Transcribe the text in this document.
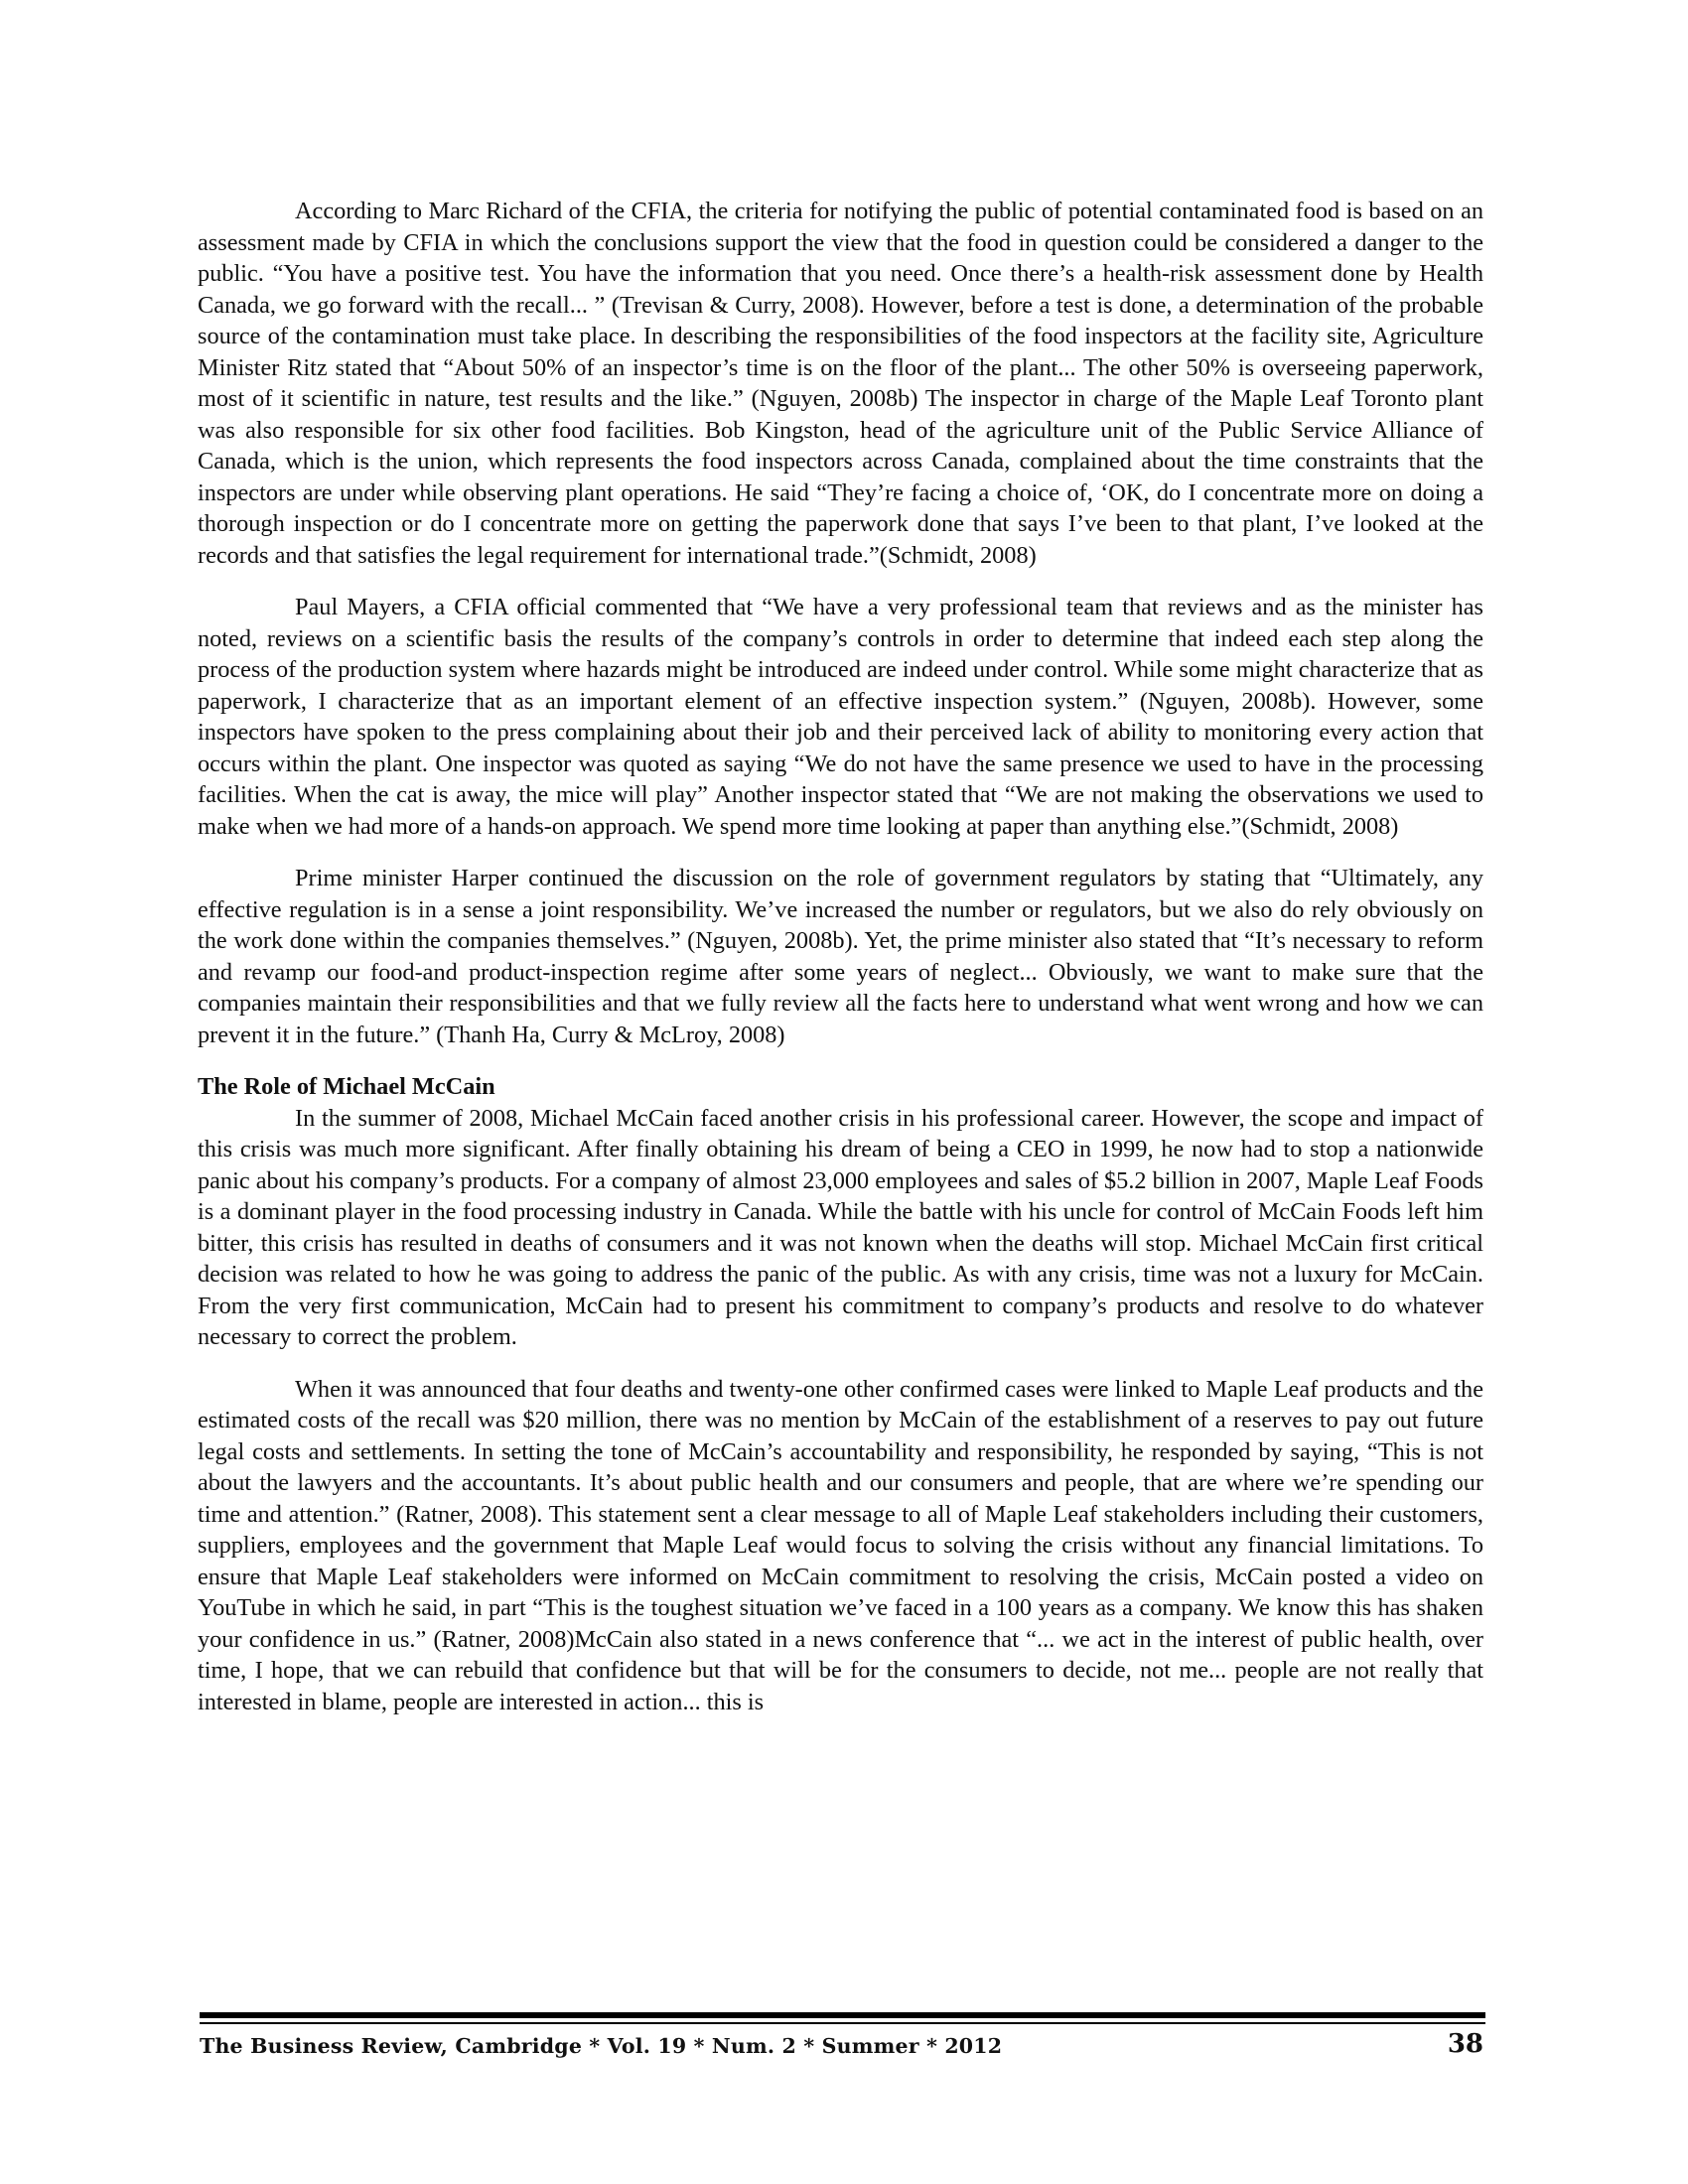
According to Marc Richard of the CFIA, the criteria for notifying the public of potential contaminated food is based on an assessment made by CFIA in which the conclusions support the view that the food in question could be considered a danger to the public. “You have a positive test. You have the information that you need. Once there’s a health-risk assessment done by Health Canada, we go forward with the recall... ” (Trevisan & Curry, 2008). However, before a test is done, a determination of the probable source of the contamination must take place. In describing the responsibilities of the food inspectors at the facility site, Agriculture Minister Ritz stated that “About 50% of an inspector’s time is on the floor of the plant... The other 50% is overseeing paperwork, most of it scientific in nature, test results and the like.” (Nguyen, 2008b) The inspector in charge of the Maple Leaf Toronto plant was also responsible for six other food facilities. Bob Kingston, head of the agriculture unit of the Public Service Alliance of Canada, which is the union, which represents the food inspectors across Canada, complained about the time constraints that the inspectors are under while observing plant operations. He said “They’re facing a choice of, ‘OK, do I concentrate more on doing a thorough inspection or do I concentrate more on getting the paperwork done that says I’ve been to that plant, I’ve looked at the records and that satisfies the legal requirement for international trade.”(Schmidt, 2008)

Paul Mayers, a CFIA official commented that “We have a very professional team that reviews and as the minister has noted, reviews on a scientific basis the results of the company’s controls in order to determine that indeed each step along the process of the production system where hazards might be introduced are indeed under control. While some might characterize that as paperwork, I characterize that as an important element of an effective inspection system.” (Nguyen, 2008b). However, some inspectors have spoken to the press complaining about their job and their perceived lack of ability to monitoring every action that occurs within the plant. One inspector was quoted as saying “We do not have the same presence we used to have in the processing facilities. When the cat is away, the mice will play” Another inspector stated that “We are not making the observations we used to make when we had more of a hands-on approach. We spend more time looking at paper than anything else.”(Schmidt, 2008)

Prime minister Harper continued the discussion on the role of government regulators by stating that “Ultimately, any effective regulation is in a sense a joint responsibility. We’ve increased the number or regulators, but we also do rely obviously on the work done within the companies themselves.” (Nguyen, 2008b). Yet, the prime minister also stated that “It’s necessary to reform and revamp our food-and product-inspection regime after some years of neglect... Obviously, we want to make sure that the companies maintain their responsibilities and that we fully review all the facts here to understand what went wrong and how we can prevent it in the future.” (Thanh Ha, Curry & McLroy, 2008)

The Role of Michael McCain

In the summer of 2008, Michael McCain faced another crisis in his professional career. However, the scope and impact of this crisis was much more significant. After finally obtaining his dream of being a CEO in 1999, he now had to stop a nationwide panic about his company’s products. For a company of almost 23,000 employees and sales of $5.2 billion in 2007, Maple Leaf Foods is a dominant player in the food processing industry in Canada. While the battle with his uncle for control of McCain Foods left him bitter, this crisis has resulted in deaths of consumers and it was not known when the deaths will stop. Michael McCain first critical decision was related to how he was going to address the panic of the public. As with any crisis, time was not a luxury for McCain. From the very first communication, McCain had to present his commitment to company’s products and resolve to do whatever necessary to correct the problem.

When it was announced that four deaths and twenty-one other confirmed cases were linked to Maple Leaf products and the estimated costs of the recall was $20 million, there was no mention by McCain of the establishment of a reserves to pay out future legal costs and settlements. In setting the tone of McCain’s accountability and responsibility, he responded by saying, “This is not about the lawyers and the accountants. It’s about public health and our consumers and people, that are where we’re spending our time and attention.” (Ratner, 2008). This statement sent a clear message to all of Maple Leaf stakeholders including their customers, suppliers, employees and the government that Maple Leaf would focus to solving the crisis without any financial limitations. To ensure that Maple Leaf stakeholders were informed on McCain commitment to resolving the crisis, McCain posted a video on YouTube in which he said, in part “This is the toughest situation we’ve faced in a 100 years as a company. We know this has shaken your confidence in us.” (Ratner, 2008)McCain also stated in a news conference that “... we act in the interest of public health, over time, I hope, that we can rebuild that confidence but that will be for the consumers to decide, not me... people are not really that interested in blame, people are interested in action... this is

The Business Review, Cambridge * Vol. 19 * Num. 2 * Summer * 2012	38
